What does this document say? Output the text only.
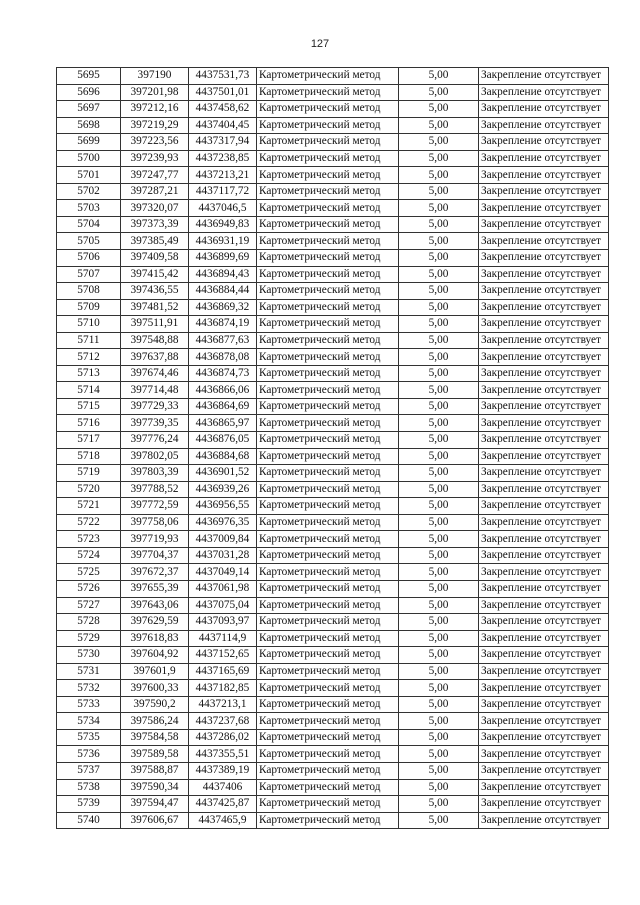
127
5695	397190	4437531,73	Картометрический метод	5,00	Закрепление отсутствует
5696	397201,98	4437501,01	Картометрический метод	5,00	Закрепление отсутствует
5697	397212,16	4437458,62	Картометрический метод	5,00	Закрепление отсутствует
5698	397219,29	4437404,45	Картометрический метод	5,00	Закрепление отсутствует
5699	397223,56	4437317,94	Картометрический метод	5,00	Закрепление отсутствует
5700	397239,93	4437238,85	Картометрический метод	5,00	Закрепление отсутствует
5701	397247,77	4437213,21	Картометрический метод	5,00	Закрепление отсутствует
5702	397287,21	4437117,72	Картометрический метод	5,00	Закрепление отсутствует
5703	397320,07	4437046,5	Картометрический метод	5,00	Закрепление отсутствует
5704	397373,39	4436949,83	Картометрический метод	5,00	Закрепление отсутствует
5705	397385,49	4436931,19	Картометрический метод	5,00	Закрепление отсутствует
5706	397409,58	4436899,69	Картометрический метод	5,00	Закрепление отсутствует
5707	397415,42	4436894,43	Картометрический метод	5,00	Закрепление отсутствует
5708	397436,55	4436884,44	Картометрический метод	5,00	Закрепление отсутствует
5709	397481,52	4436869,32	Картометрический метод	5,00	Закрепление отсутствует
5710	397511,91	4436874,19	Картометрический метод	5,00	Закрепление отсутствует
5711	397548,88	4436877,63	Картометрический метод	5,00	Закрепление отсутствует
5712	397637,88	4436878,08	Картометрический метод	5,00	Закрепление отсутствует
5713	397674,46	4436874,73	Картометрический метод	5,00	Закрепление отсутствует
5714	397714,48	4436866,06	Картометрический метод	5,00	Закрепление отсутствует
5715	397729,33	4436864,69	Картометрический метод	5,00	Закрепление отсутствует
5716	397739,35	4436865,97	Картометрический метод	5,00	Закрепление отсутствует
5717	397776,24	4436876,05	Картометрический метод	5,00	Закрепление отсутствует
5718	397802,05	4436884,68	Картометрический метод	5,00	Закрепление отсутствует
5719	397803,39	4436901,52	Картометрический метод	5,00	Закрепление отсутствует
5720	397788,52	4436939,26	Картометрический метод	5,00	Закрепление отсутствует
5721	397772,59	4436956,55	Картометрический метод	5,00	Закрепление отсутствует
5722	397758,06	4436976,35	Картометрический метод	5,00	Закрепление отсутствует
5723	397719,93	4437009,84	Картометрический метод	5,00	Закрепление отсутствует
5724	397704,37	4437031,28	Картометрический метод	5,00	Закрепление отсутствует
5725	397672,37	4437049,14	Картометрический метод	5,00	Закрепление отсутствует
5726	397655,39	4437061,98	Картометрический метод	5,00	Закрепление отсутствует
5727	397643,06	4437075,04	Картометрический метод	5,00	Закрепление отсутствует
5728	397629,59	4437093,97	Картометрический метод	5,00	Закрепление отсутствует
5729	397618,83	4437114,9	Картометрический метод	5,00	Закрепление отсутствует
5730	397604,92	4437152,65	Картометрический метод	5,00	Закрепление отсутствует
5731	397601,9	4437165,69	Картометрический метод	5,00	Закрепление отсутствует
5732	397600,33	4437182,85	Картометрический метод	5,00	Закрепление отсутствует
5733	397590,2	4437213,1	Картометрический метод	5,00	Закрепление отсутствует
5734	397586,24	4437237,68	Картометрический метод	5,00	Закрепление отсутствует
5735	397584,58	4437286,02	Картометрический метод	5,00	Закрепление отсутствует
5736	397589,58	4437355,51	Картометрический метод	5,00	Закрепление отсутствует
5737	397588,87	4437389,19	Картометрический метод	5,00	Закрепление отсутствует
5738	397590,34	4437406	Картометрический метод	5,00	Закрепление отсутствует
5739	397594,47	4437425,87	Картометрический метод	5,00	Закрепление отсутствует
5740	397606,67	4437465,9	Картометрический метод	5,00	Закрепление отсутствует
